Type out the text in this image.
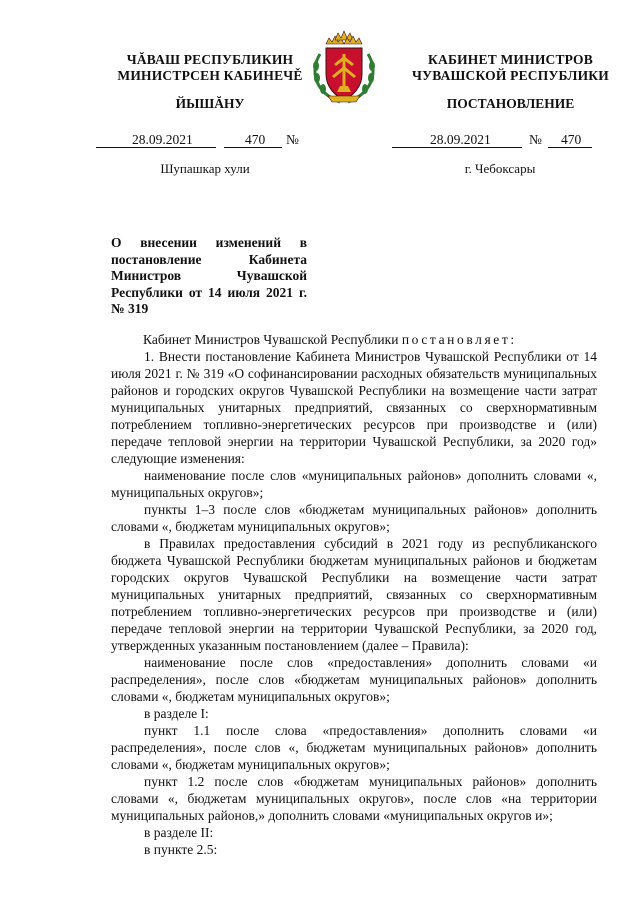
ЧĂВАШ РЕСПУБЛИКИН
МИНИСТРСЕН КАБИНЕЧĚ
ЙЫШĂНУ
КАБИНЕТ МИНИСТРОВ
ЧУВАШСКОЙ РЕСПУБЛИКИ
ПОСТАНОВЛЕНИЕ
28.09.2021	470 №	28.09.2021	№ 470
Шупашкар хули	г. Чебоксары
О внесении изменений в постановление Кабинета Министров Чувашской Республики от 14 июля 2021 г. № 319

Кабинет Министров Чувашской Республики постановляет:

1. Внести постановление Кабинета Министров Чувашской Республики от 14 июля 2021 г. № 319 «О софинансировании расходных обязательств муниципальных районов и городских округов Чувашской Республики на возмещение части затрат муниципальных унитарных предприятий, связанных со сверхнормативным потреблением топливно-энергетических ресурсов при производстве и (или) передаче тепловой энергии на территории Чувашской Республики, за 2020 год» следующие изменения:

наименование после слов «муниципальных районов» дополнить словами «, муниципальных округов»;

пункты 1–3 после слов «бюджетам муниципальных районов» дополнить словами «, бюджетам муниципальных округов»;

в Правилах предоставления субсидий в 2021 году из республиканского бюджета Чувашской Республики бюджетам муниципальных районов и бюджетам городских округов Чувашской Республики на возмещение части затрат муниципальных унитарных предприятий, связанных со сверхнормативным потреблением топливно-энергетических ресурсов при производстве и (или) передаче тепловой энергии на территории Чувашской Республики, за 2020 год, утвержденных указанным постановлением (далее – Правила):

наименование после слов «предоставления» дополнить словами «и распределения», после слов «бюджетам муниципальных районов» дополнить словами «, бюджетам муниципальных округов»;

в разделе I:

пункт 1.1 после слова «предоставления» дополнить словами «и распределения», после слов «, бюджетам муниципальных районов» дополнить словами «, бюджетам муниципальных округов»;

пункт 1.2 после слов «бюджетам муниципальных районов» дополнить словами «, бюджетам муниципальных округов», после слов «на территории муниципальных районов,» дополнить словами «муниципальных округов и»;

в разделе II:

в пункте 2.5:
